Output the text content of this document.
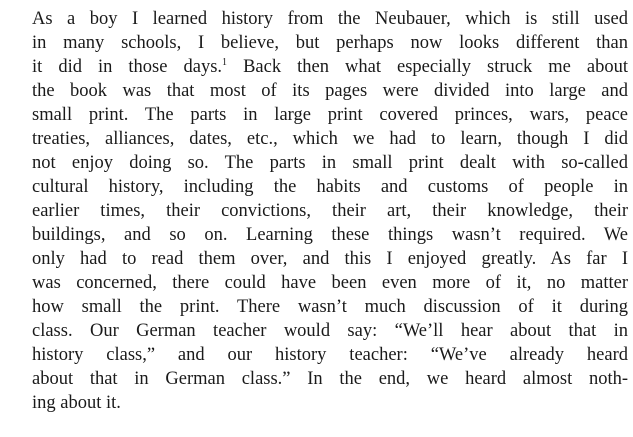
As a boy I learned history from the Neubauer, which is still used
in many schools, I believe, but perhaps now looks different than
it did in those days.$^1$ Back then what especially struck me about
the book was that most of its pages were divided into large and
small print. The parts in large print covered princes, wars, peace
treaties, alliances, dates, etc., which we had to learn, though I did
not enjoy doing so. The parts in small print dealt with so-called
cultural history, including the habits and customs of people in
earlier times, their convictions, their art, their knowledge, their
buildings, and so on. Learning these things wasn’t required. We
only had to read them over, and this I enjoyed greatly. As far I
was concerned, there could have been even more of it, no matter
how small the print. There wasn’t much discussion of it during
class. Our German teacher would say: “We’ll hear about that in
history class,” and our history teacher: “We’ve already heard
about that in German class.” In the end, we heard almost noth-
ing about it.
